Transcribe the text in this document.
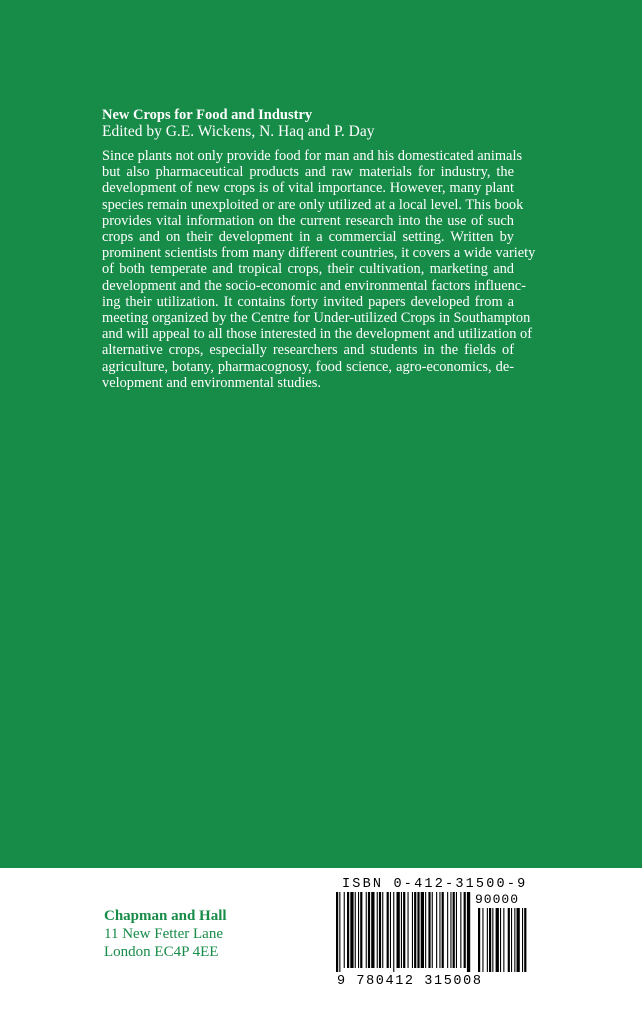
New Crops for Food and Industry
Edited by G.E. Wickens, N. Haq and P. Day
Since plants not only provide food for man and his domesticated animals
but also pharmaceutical products and raw materials for industry, the
development of new crops is of vital importance. However, many plant
species remain unexploited or are only utilized at a local level. This book
provides vital information on the current research into the use of such
crops and on their development in a commercial setting. Written by
prominent scientists from many different countries, it covers a wide variety
of both temperate and tropical crops, their cultivation, marketing and
development and the socio-economic and environmental factors influenc-
ing their utilization. It contains forty invited papers developed from a
meeting organized by the Centre for Under-utilized Crops in Southampton
and will appeal to all those interested in the development and utilization of
alternative crops, especially researchers and students in the fields of
agriculture, botany, pharmacognosy, food science, agro-economics, de-
velopment and environmental studies.
Chapman and Hall
11 New Fetter Lane
London EC4P 4EE
ISBN 0-412-31500-9
90000
9 780412 315008
